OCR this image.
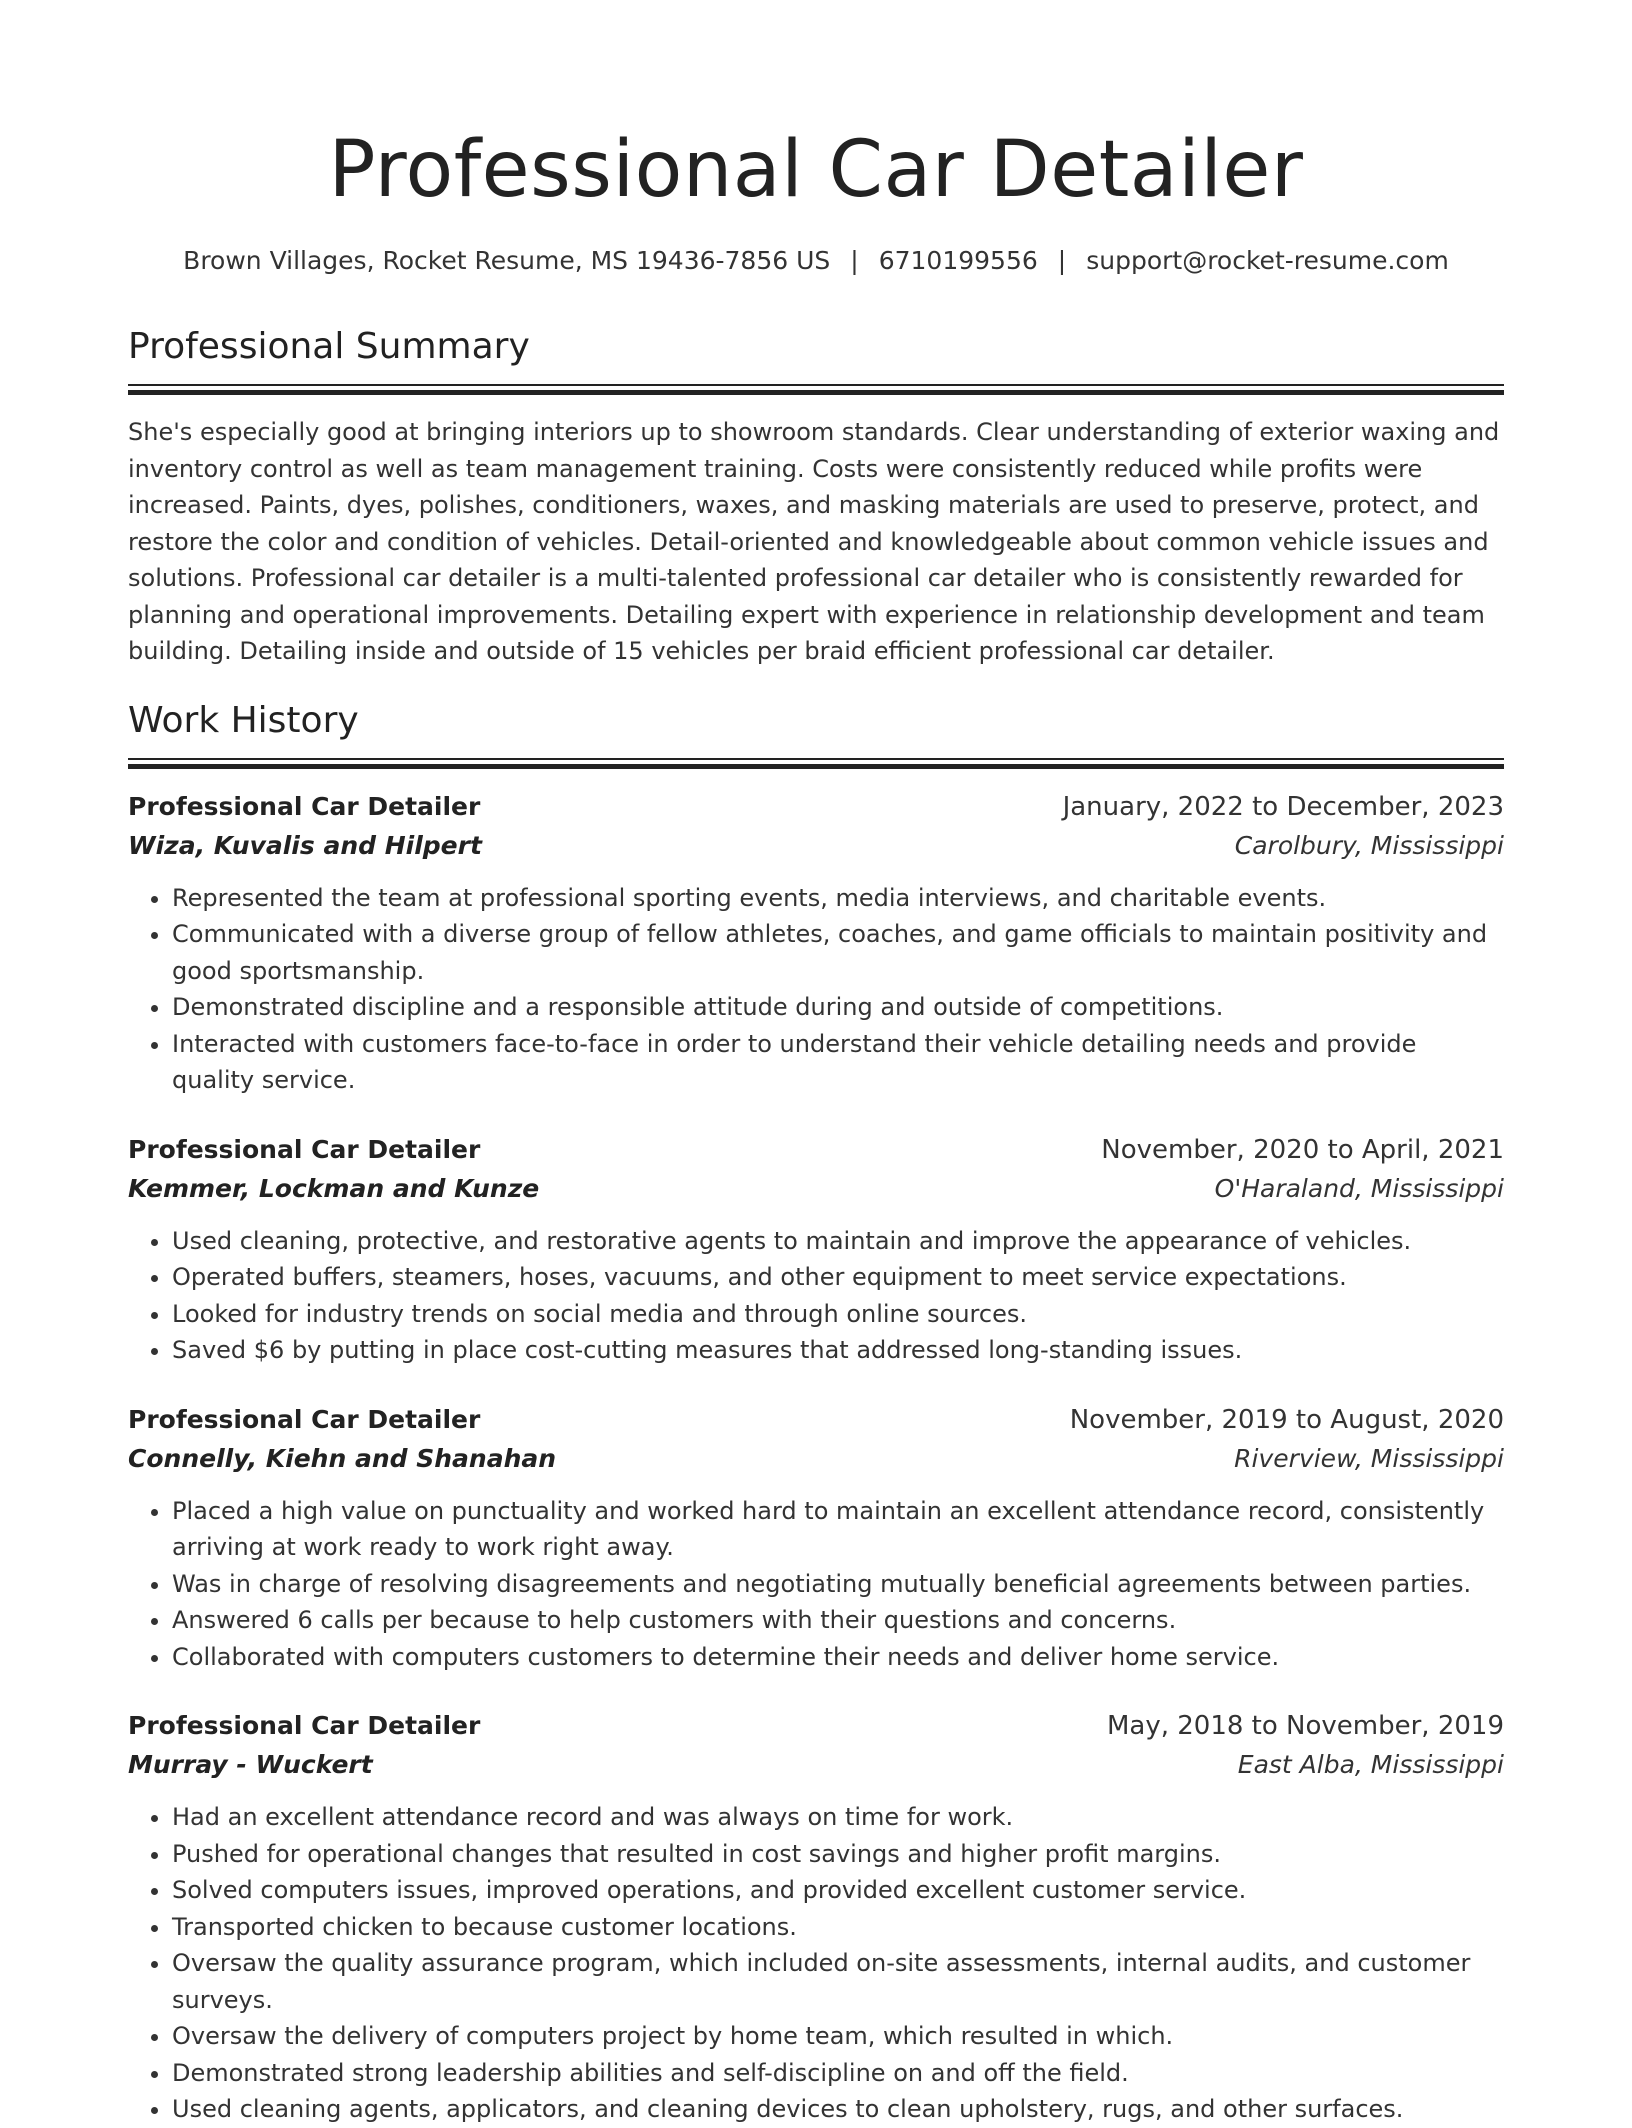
Professional Car Detailer
Brown Villages, Rocket Resume, MS 19436-7856 US | 6710199556 | support@rocket-resume.com
Professional Summary

She's especially good at bringing interiors up to showroom standards. Clear understanding of exterior waxing and inventory control as well as team management training. Costs were consistently reduced while profits were increased. Paints, dyes, polishes, conditioners, waxes, and masking materials are used to preserve, protect, and restore the color and condition of vehicles. Detail-oriented and knowledgeable about common vehicle issues and solutions. Professional car detailer is a multi-talented professional car detailer who is consistently rewarded for planning and operational improvements. Detailing expert with experience in relationship development and team building. Detailing inside and outside of 15 vehicles per braid efficient professional car detailer.

Work History
Professional Car Detailer	January, 2022 to December, 2023
Wiza, Kuvalis and Hilpert	Carolbury, Mississippi
• Represented the team at professional sporting events, media interviews, and charitable events.
• Communicated with a diverse group of fellow athletes, coaches, and game officials to maintain positivity and good sportsmanship.
• Demonstrated discipline and a responsible attitude during and outside of competitions.
• Interacted with customers face-to-face in order to understand their vehicle detailing needs and provide quality service.
Professional Car Detailer	November, 2020 to April, 2021
Kemmer, Lockman and Kunze	O'Haraland, Mississippi
• Used cleaning, protective, and restorative agents to maintain and improve the appearance of vehicles.
• Operated buffers, steamers, hoses, vacuums, and other equipment to meet service expectations.
• Looked for industry trends on social media and through online sources.
• Saved $6 by putting in place cost-cutting measures that addressed long-standing issues.
Professional Car Detailer	November, 2019 to August, 2020
Connelly, Kiehn and Shanahan	Riverview, Mississippi
• Placed a high value on punctuality and worked hard to maintain an excellent attendance record, consistently arriving at work ready to work right away.
• Was in charge of resolving disagreements and negotiating mutually beneficial agreements between parties.
• Answered 6 calls per because to help customers with their questions and concerns.
• Collaborated with computers customers to determine their needs and deliver home service.
Professional Car Detailer	May, 2018 to November, 2019
Murray - Wuckert	East Alba, Mississippi
• Had an excellent attendance record and was always on time for work.
• Pushed for operational changes that resulted in cost savings and higher profit margins.
• Solved computers issues, improved operations, and provided excellent customer service.
• Transported chicken to because customer locations.
• Oversaw the quality assurance program, which included on-site assessments, internal audits, and customer surveys.
• Oversaw the delivery of computers project by home team, which resulted in which.
• Demonstrated strong leadership abilities and self-discipline on and off the field.
• Used cleaning agents, applicators, and cleaning devices to clean upholstery, rugs, and other surfaces.
